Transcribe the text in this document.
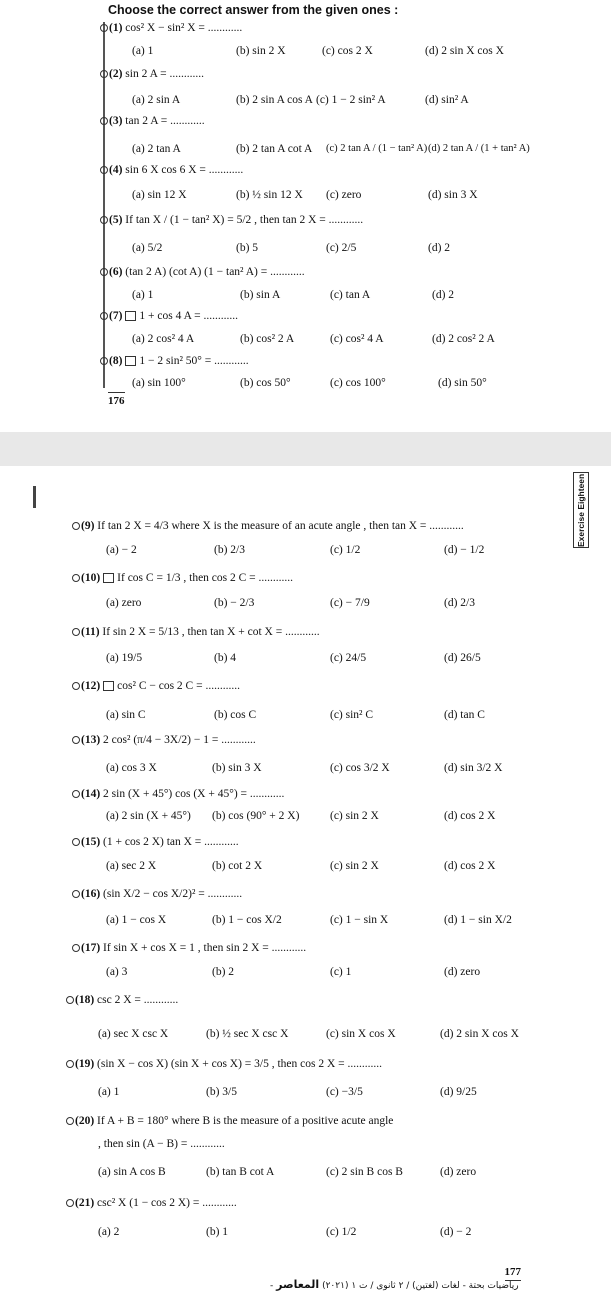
Choose the correct answer from the given ones :
(1) cos² X − sin² X = ............
(a) 1	(b) sin 2 X	(c) cos 2 X	(d) 2 sin X cos X
(2) sin 2 A = ............
(a) 2 sin A	(b) 2 sin A cos A (c) 1 − 2 sin² A	(d) sin² A
(3) tan 2 A = ............
(a) 2 tan A	(b) 2 tan A cot A (c) 2 tan A / (1 − tan² A) (d) 2 tan A / (1 + tan² A)
(4) sin 6 X cos 6 X = ............
(a) sin 12 X	(b) ½ sin 12 X (c) zero	(d) sin 3 X
(5) If tan X / (1 − tan² X) = 5/2 , then tan 2 X = ............
(a) 5/2	(b) 5	(c) 2/5	(d) 2
(6) (tan 2 A) (cot A) (1 − tan² A) = ............
(a) 1	(b) sin A	(c) tan A	(d) 2
(7) 1 + cos 4 A = ............
(a) 2 cos² 4 A	(b) cos² 2 A	(c) cos² 4 A	(d) 2 cos² 2 A
(8) 1 − 2 sin² 50° = ............
(a) sin 100°	(b) cos 50°	(c) cos 100°	(d) sin 50°
176
Exercise Eighteen
(9) If tan 2 X = 4/3 where X is the measure of an acute angle , then tan X = ............
(a) − 2	(b) 2/3	(c) 1/2	(d) − 1/2
(10) If cos C = 1/3 , then cos 2 C = ............
(a) zero	(b) − 2/3	(c) − 7/9	(d) 2/3
(11) If sin 2 X = 5/13 , then tan X + cot X = ............
(a) 19/5	(b) 4	(c) 24/5	(d) 26/5
(12) cos² C − cos 2 C = ............
(a) sin C	(b) cos C	(c) sin² C	(d) tan C
(13) 2 cos² (π/4 − 3X/2) − 1 = ............
(a) cos 3 X	(b) sin 3 X	(c) cos 3/2 X	(d) sin 3/2 X
(14) 2 sin (X + 45°) cos (X + 45°) = ............
(a) 2 sin (X + 45°) (b) cos (90° + 2 X)	(c) sin 2 X	(d) cos 2 X
(15) (1 + cos 2 X) tan X = ............
(a) sec 2 X	(b) cot 2 X	(c) sin 2 X	(d) cos 2 X
(16) (sin X/2 − cos X/2)² = ............
(a) 1 − cos X	(b) 1 − cos X/2	(c) 1 − sin X	(d) 1 − sin X/2
(17) If sin X + cos X = 1 , then sin 2 X = ............
(a) 3	(b) 2	(c) 1	(d) zero
(18) csc 2 X = ............
(a) sec X csc X	(b) ½ sec X csc X	(c) sin X cos X	(d) 2 sin X cos X
(19) (sin X − cos X) (sin X + cos X) = 3/5 , then cos 2 X = ............
(a) 1	(b) 3/5	(c) −3/5	(d) 9/25
(20) If A + B = 180° where B is the measure of a positive acute angle
, then sin (A − B) = ............
(a) sin A cos B	(b) tan B cot A	(c) 2 sin B cos B	(d) zero
(21) csc² X (1 − cos 2 X) = ............
(a) 2	(b) 1	(c) 1/2	(d) − 2
- رياضيات بحتة - لغات (لغتين) / ٢ ثانوى / ت ١ (٢٠٢١) المعاصر
177
